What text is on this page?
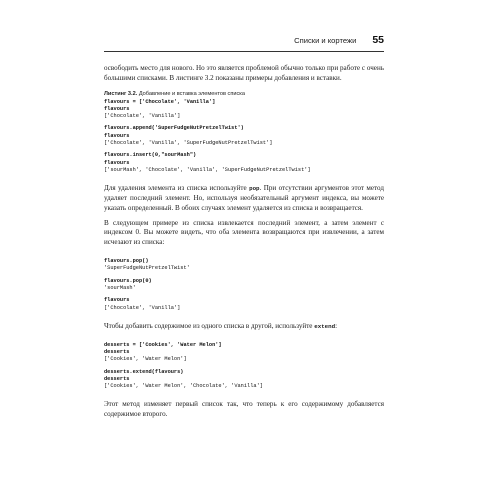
Списки и кортежи 55

освободить место для нового. Но это является проблемой обычно только при работе с очень большими списками. В листинге 3.2 показаны примеры добавления и вставки.

Листинг 3.2. Добавление и вставка элементов списка
flavours = ['Chocolate', 'Vanilla']
flavours
['Chocolate', 'Vanilla']
flavours.append('SuperFudgeNutPretzelTwist')
flavours
['Chocolate', 'Vanilla', 'SuperFudgeNutPretzelTwist']
flavours.insert(0,"sourMash")
flavours
['sourMash', 'Chocolate', 'Vanilla', 'SuperFudgeNutPretzelTwist']

Для удаления элемента из списка используйте pop. При отсутствии аргументов этот метод удаляет последний элемент. Но, используя необязательный аргумент индекса, вы можете указать определенный. В обоих случаях элемент удаляется из списка и возвращается.

В следующем примере из списка извлекается последний элемент, а затем элемент с индексом 0. Вы можете видеть, что оба элемента возвращаются при извлечении, а затем исчезают из списка:

flavours.pop()
'SuperFudgeNutPretzelTwist'
flavours.pop(0)
'sourMash'
flavours
['Chocolate', 'Vanilla']

Чтобы добавить содержимое из одного списка в другой, используйте extend:

desserts = ['Cookies', 'Water Melon']
desserts
['Cookies', 'Water Melon']
desserts.extend(flavours)
desserts
['Cookies', 'Water Melon', 'Chocolate', 'Vanilla']

Этот метод изменяет первый список так, что теперь к его содержимому добавляется содержимое второго.
